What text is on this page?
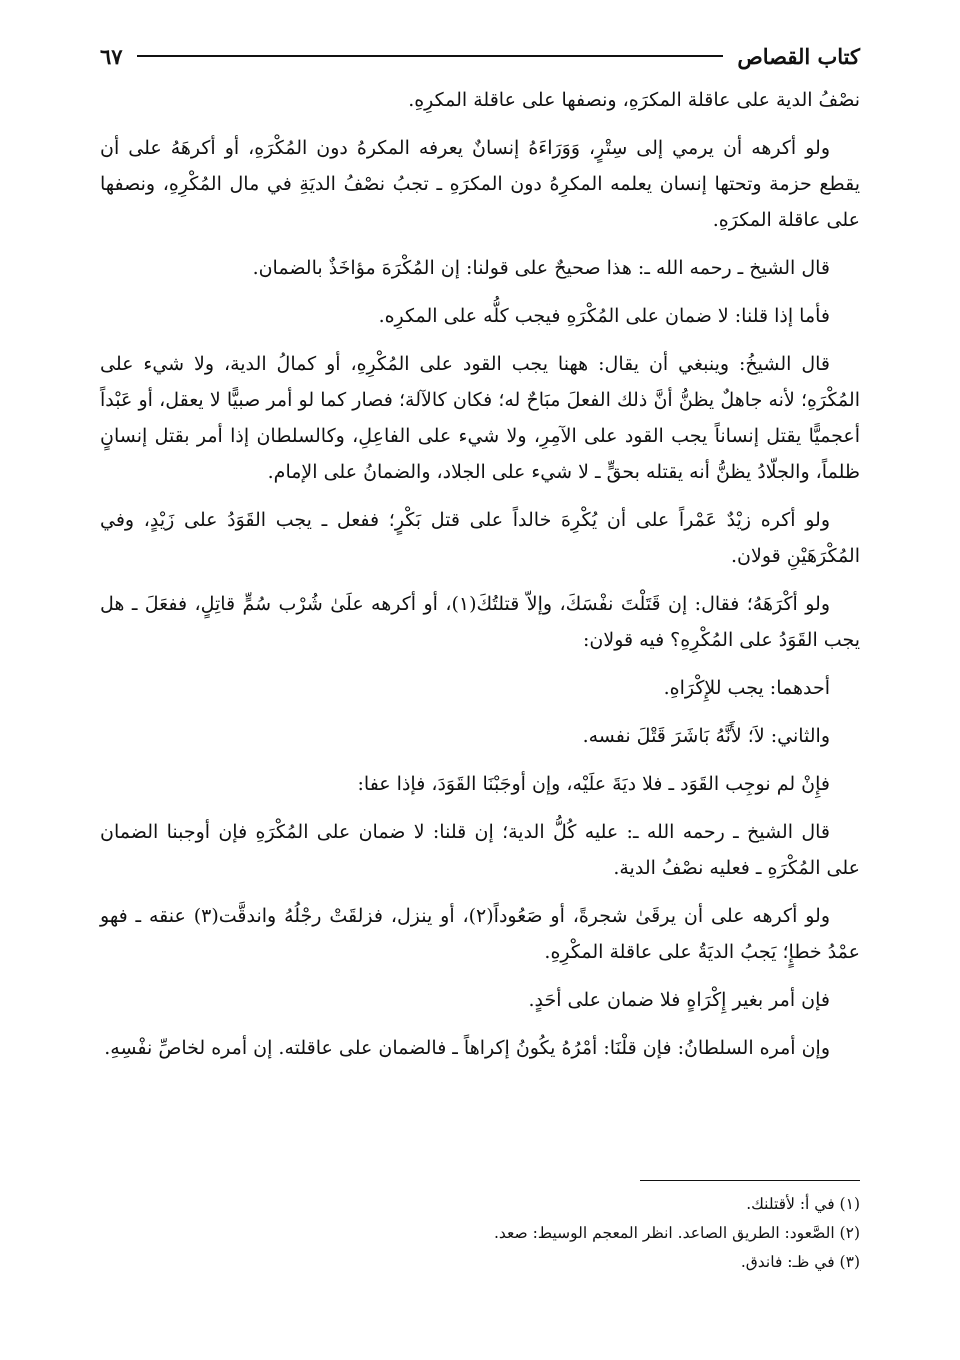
كتاب القصاص
٦٧

نصْفُ الدية على عاقلة المكرَهِ، ونصفها على عاقلة المكرِهِ.

ولو أكرهه أن يرمي إلى سِتْرٍ، وَوَرَاءَهُ إنسانٌ يعرفه المكرهُ دون المُكْرَهِ، أو أكرهَهُ على أن يقطع حزمة وتحتها إنسان يعلمه المكرِهُ دون المكرَهِ ـ تجبُ نصْفُ الديَةِ في مال المُكْرِهِ، ونصفها على عاقلة المكرَهِ.

قال الشيخ ـ رحمه الله ـ: هذا صحيحٌ على قولنا: إن المُكْرَهَ مؤاخَذٌ بالضمان.

فأما إذا قلنا: لا ضمان على المُكْرَهِ فيجب كلُّه على المكرِه.

قال الشيخُ: وينبغي أن يقال: ههنا يجب القود على المُكْرِهِ، أو كمالُ الدية، ولا شيء على المُكْرَهِ؛ لأنه جاهلٌ يظنُّ أنَّ ذلك الفعلَ مبَاحٌ له؛ فكان كالآلة؛ فصار كما لو أمر صبيًّا لا يعقل، أو عَبْداً أعجميًّا يقتل إنساناً يجب القود على الآمِرِ، ولا شيء على الفاعِلِ، وكالسلطان إذا أمر بقتل إنسانٍ ظلماً، والجلّادُ يظنُّ أنه يقتله بحقٍّ ـ لا شيء على الجلاد، والضمانُ على الإمام.

ولو أكره زيْدٌ عَمْراً على أن يُكْرِهَ خالداً على قتل بَكْرٍ؛ ففعل ـ يجب القَوَدُ على زَيْدٍ، وفي المُكْرَهَيْنِ قولان.

ولو أكْرَهَهُ؛ فقال: إن قَتَلْتَ نفْسَكَ، وإلاّ قتلتُكَ(١)، أو أكرهه علَىٰ شُرْب سُمٍّ قاتِلٍ، ففعَلَ ـ هل يجب القَوَدُ على المُكْرِهِ؟ فيه قولان:

أحدهما: يجب للإِكْرَاهِ.

والثاني: لاَ؛ لأَنَّهُ بَاشَرَ قَتْلَ نفسه.

فإِنْ لم نوجِب القَوَد ـ فلا ديَةَ علَيْه، وإن أوجَبْنَا القَوَدَ، فإذا عفا:

قال الشيخ ـ رحمه الله ـ: عليه كُلُّ الدية؛ إن قلنا: لا ضمان على المُكْرَهِ فإن أوجبنا الضمان على المُكْرَهِ ـ فعليه نصْفُ الدية.

ولو أكرهه على أن يرقَىٰ شجرةً، أو صَعُوداً(٢)، أو ينزل، فزلقَتْ رجْلُهُ واندقَّت(٣) عنقه ـ فهو عمْدُ خطإٍ؛ يَجبُ الديَةُ على عاقلة المكْرِهِ.

فإن أمر بغير إِكْرَاهٍ فلا ضمان على أحَدٍ.

وإن أمره السلطانُ: فإن قلْنَا: أمْرُهُ يكُونُ إكراهاً ـ فالضمان على عاقلته. إن أمره لخاصِّ نفْسِهِ.

(١) في أ: لأقتلنك.

(٢) الصَّعود: الطريق الصاعد. انظر المعجم الوسيط: صعد.

(٣) في ظـ: فاندق.
